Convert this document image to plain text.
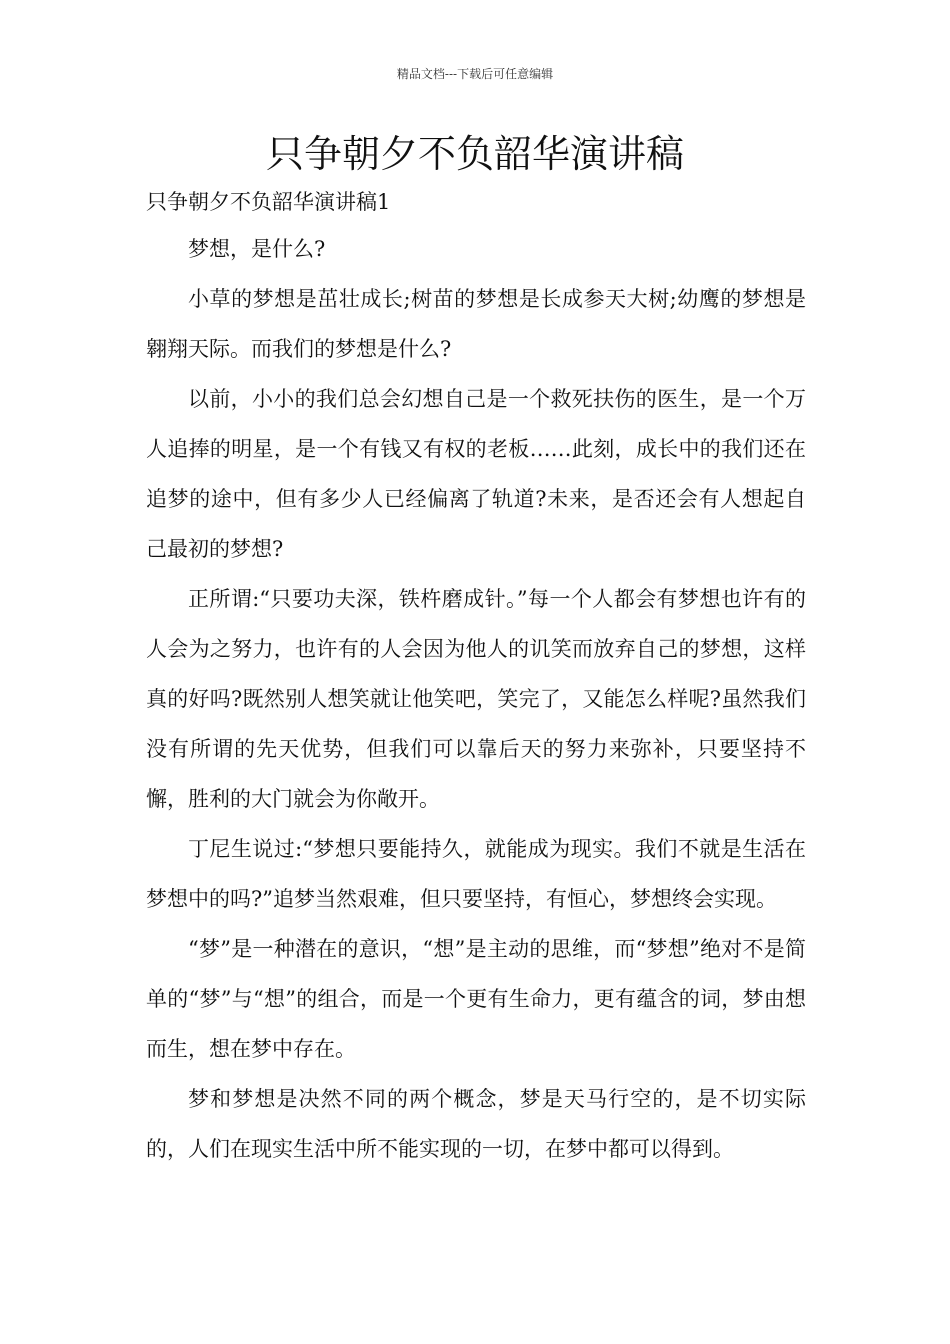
精品文档---下载后可任意编辑
只争朝夕不负韶华演讲稿
只争朝夕不负韶华演讲稿1

梦想，是什么?

小草的梦想是茁壮成长;树苗的梦想是长成参天大树;幼鹰的梦想是翱翔天际。而我们的梦想是什么?

以前，小小的我们总会幻想自己是一个救死扶伤的医生，是一个万人追捧的明星，是一个有钱又有权的老板……此刻，成长中的我们还在追梦的途中，但有多少人已经偏离了轨道?未来，是否还会有人想起自己最初的梦想?

正所谓:“只要功夫深，铁杵磨成针。”每一个人都会有梦想也许有的人会为之努力，也许有的人会因为他人的讥笑而放弃自己的梦想，这样真的好吗?既然别人想笑就让他笑吧，笑完了，又能怎么样呢?虽然我们没有所谓的先天优势，但我们可以靠后天的努力来弥补，只要坚持不懈，胜利的大门就会为你敞开。

丁尼生说过:“梦想只要能持久，就能成为现实。我们不就是生活在梦想中的吗?”追梦当然艰难，但只要坚持，有恒心，梦想终会实现。

“梦”是一种潜在的意识，“想”是主动的思维，而“梦想”绝对不是简单的“梦”与“想”的组合，而是一个更有生命力，更有蕴含的词，梦由想而生，想在梦中存在。

梦和梦想是决然不同的两个概念，梦是天马行空的，是不切实际的，人们在现实生活中所不能实现的一切，在梦中都可以得到。
